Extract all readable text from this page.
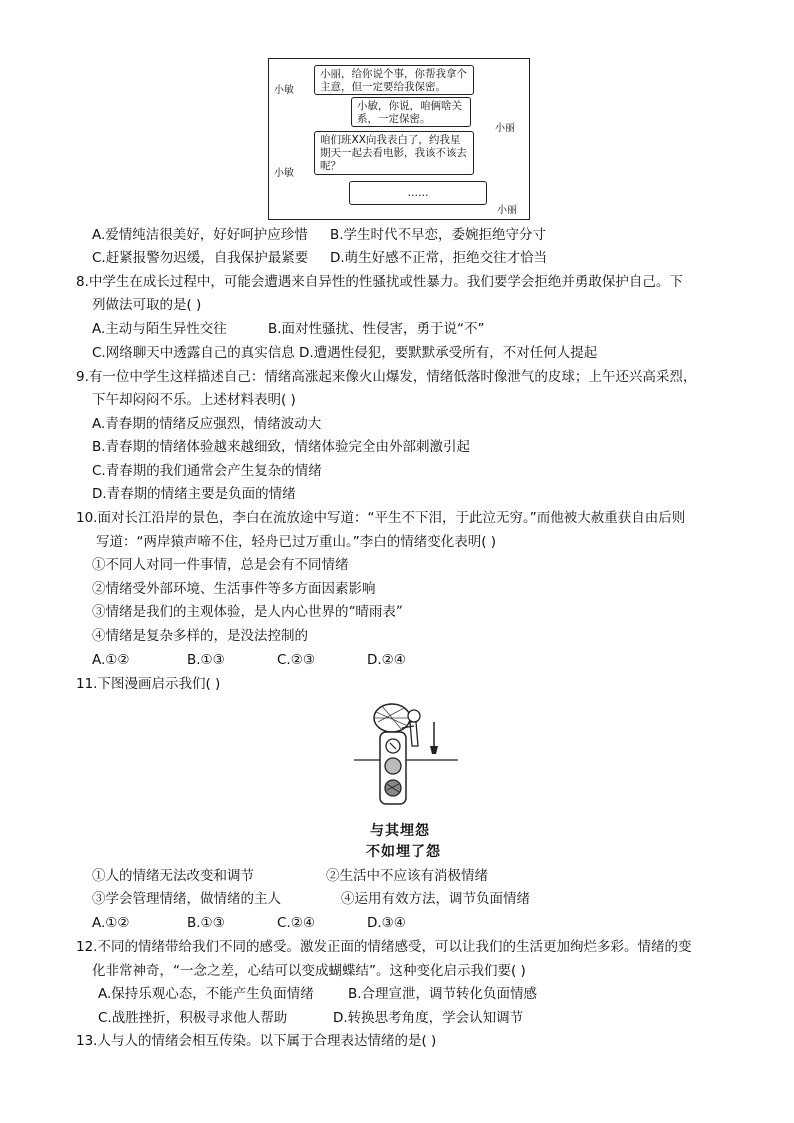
小丽，给你说个事，你帮我拿个主意，但一定要给我保密。
小敏
小敏，你说，咱俩啥关系，一定保密。
小丽
咱们班XX向我表白了，约我星期天一起去看电影，我该不该去呢？
小敏
……
小丽
A.爱情纯洁很美好，好好呵护应珍惜 B.学生时代不早恋，委婉拒绝守分寸
C.赶紧报警勿迟缓，自我保护最紧要 D.萌生好感不正常，拒绝交往才恰当
8.中学生在成长过程中，可能会遭遇来自异性的性骚扰或性暴力。我们要学会拒绝并勇敢保护自己。下
列做法可取的是( )
A.主动与陌生异性交往	B.面对性骚扰、性侵害，勇于说“不”
C.网络聊天中透露自己的真实信息 D.遭遇性侵犯，要默默承受所有，不对任何人提起
9.有一位中学生这样描述自己：情绪高涨起来像火山爆发，情绪低落时像泄气的皮球；上午还兴高采烈，
下午却闷闷不乐。上述材料表明( )
A.青春期的情绪反应强烈，情绪波动大
B.青春期的情绪体验越来越细致，情绪体验完全由外部刺激引起
C.青春期的我们通常会产生复杂的情绪
D.青春期的情绪主要是负面的情绪
10.面对长江沿岸的景色，李白在流放途中写道：“平生不下泪，于此泣无穷。”而他被大赦重获自由后则
写道：“两岸猿声啼不住，轻舟已过万重山。”李白的情绪变化表明( )
①不同人对同一件事情，总是会有不同情绪
②情绪受外部环境、生活事件等多方面因素影响
③情绪是我们的主观体验，是人内心世界的“晴雨表”
④情绪是复杂多样的，是没法控制的
A.①②	B.①③	C.②③	D.②④
11.下图漫画启示我们( )
与其埋怨
不如埋了怨
①人的情绪无法改变和调节	②生活中不应该有消极情绪
③学会管理情绪，做情绪的主人	④运用有效方法，调节负面情绪
A.①②	B.①③	C.②④	D.③④
12.不同的情绪带给我们不同的感受。激发正面的情绪感受，可以让我们的生活更加绚烂多彩。情绪的变
化非常神奇，“一念之差，心结可以变成蝴蝶结”。这种变化启示我们要( )
A.保持乐观心态，不能产生负面情绪	B.合理宣泄，调节转化负面情感
C.战胜挫折，积极寻求他人帮助	D.转换思考角度，学会认知调节
13.人与人的情绪会相互传染。以下属于合理表达情绪的是( )
